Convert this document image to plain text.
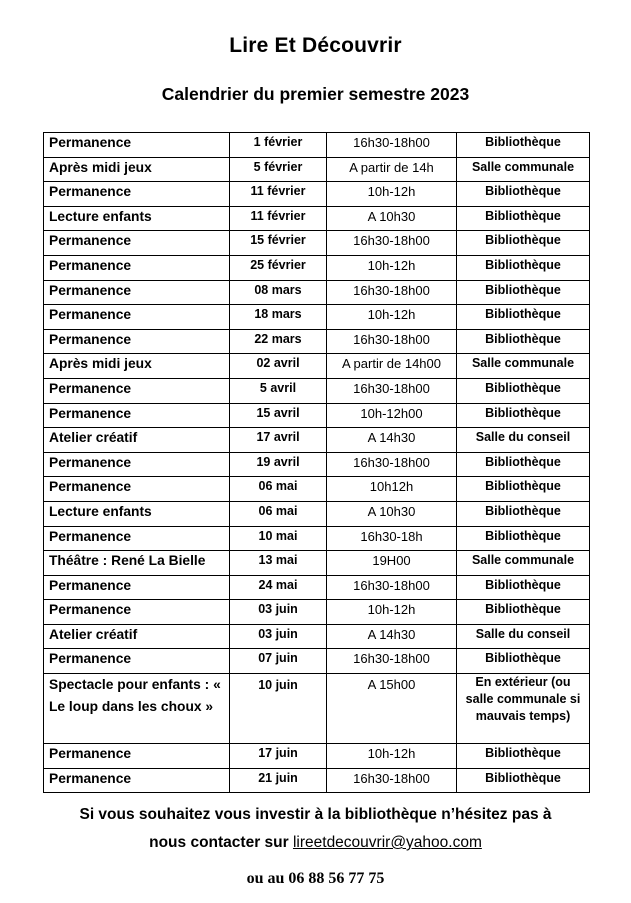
Lire Et Découvrir
Calendrier du premier semestre 2023
Permanence	1 février	16h30-18h00	Bibliothèque
Après midi jeux	5 février	A partir de 14h	Salle communale
Permanence	11 février	10h-12h	Bibliothèque
Lecture enfants	11 février	A 10h30	Bibliothèque
Permanence	15 février	16h30-18h00	Bibliothèque
Permanence	25 février	10h-12h	Bibliothèque
Permanence	08 mars	16h30-18h00	Bibliothèque
Permanence	18 mars	10h-12h	Bibliothèque
Permanence	22 mars	16h30-18h00	Bibliothèque
Après midi jeux	02 avril	A partir de 14h00	Salle communale
Permanence	5 avril	16h30-18h00	Bibliothèque
Permanence	15 avril	10h-12h00	Bibliothèque
Atelier créatif	17 avril	A 14h30	Salle du conseil
Permanence	19 avril	16h30-18h00	Bibliothèque
Permanence	06 mai	10h12h	Bibliothèque
Lecture enfants	06 mai	A 10h30	Bibliothèque
Permanence	10 mai	16h30-18h	Bibliothèque
Théâtre : René La Bielle	13 mai	19H00	Salle communale
Permanence	24 mai	16h30-18h00	Bibliothèque
Permanence	03 juin	10h-12h	Bibliothèque
Atelier créatif	03 juin	A 14h30	Salle du conseil
Permanence	07 juin	16h30-18h00	Bibliothèque
Spectacle pour enfants : « Le loup dans les choux »	10 juin	A 15h00	En extérieur (ou salle communale si mauvais temps)
Permanence	17 juin	10h-12h	Bibliothèque
Permanence	21 juin	16h30-18h00	Bibliothèque
Si vous souhaitez vous investir à la bibliothèque n’hésitez pas à
nous contacter sur lireetdecouvrir@yahoo.com
ou au 06 88 56 77 75
